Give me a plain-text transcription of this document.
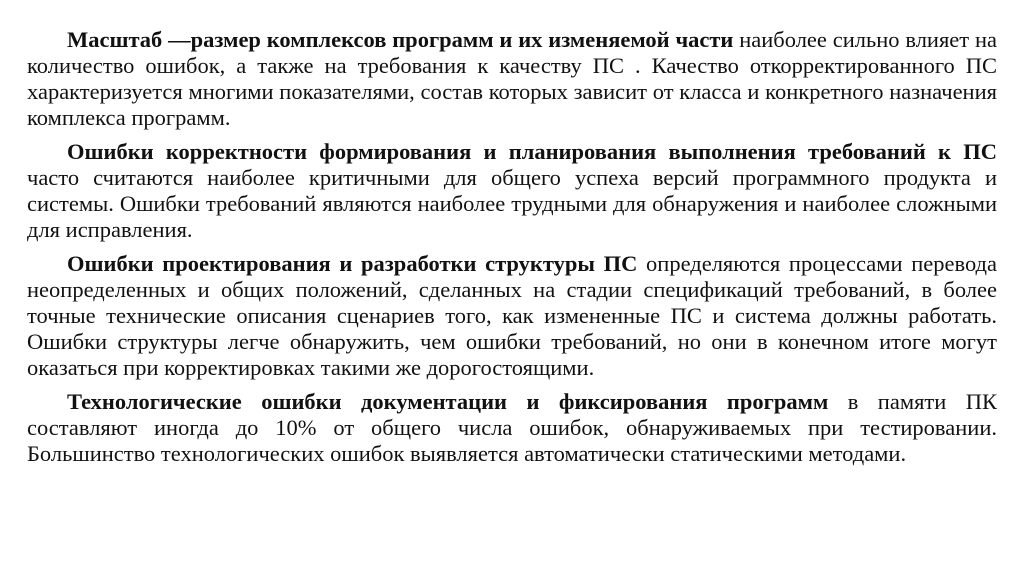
Масштаб —размер комплексов программ и их изменяемой части наиболее сильно влияет на количество ошибок, а также на требования к качеству ПС . Качество откорректированного ПС характеризуется многими показателями, состав которых зависит от класса и конкретного назначения комплекса программ.

Ошибки корректности формирования и планирования выполнения требований к ПС часто считаются наиболее критичными для общего успеха версий программного продукта и системы. Ошибки требований являются наиболее трудными для обнаружения и наиболее сложными для исправления.

Ошибки проектирования и разработки структуры ПС определяются процессами перевода неопределенных и общих положений, сделанных на стадии спецификаций требований, в более точные технические описания сценариев того, как измененные ПС и система должны работать. Ошибки структуры легче обнаружить, чем ошибки требований, но они в конечном итоге могут оказаться при корректировках такими же дорогостоящими.

Технологические ошибки документации и фиксирования программ в памяти ПК составляют иногда до 10% от общего числа ошибок, обнаруживаемых при тестировании. Большинство технологических ошибок выявляется автоматически статическими методами.
